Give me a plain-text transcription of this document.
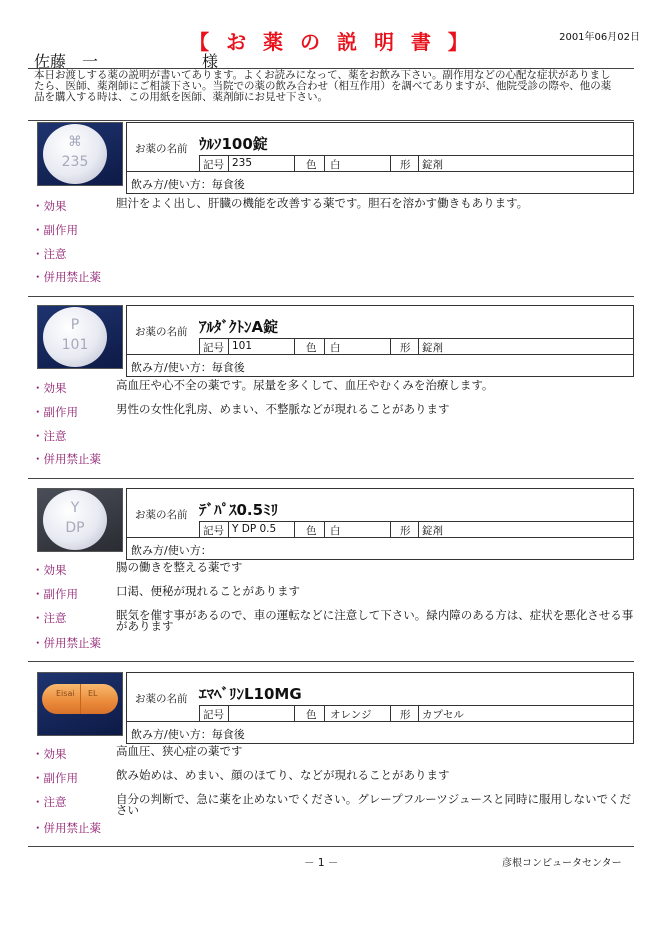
【 お 薬 の 説 明 書 】	2001年06月02日
佐藤　一	様
本日お渡しする薬の説明が書いてあります。よくお読みになって、薬をお飲み下さい。副作用などの心配な症状がありまし
たら、医師、薬剤師にご相談下さい。当院での薬の飲み合わせ（相互作用）を調べてありますが、他院受診の際や、他の薬
品を購入する時は、この用紙を医師、薬剤師にお見せ下さい。
⌘
235
お薬の名前 ｳﾙｿ100錠
記号 235	色 白	形 錠剤
飲み方/使い方：毎食後
・効果	胆汁をよく出し、肝臓の機能を改善する薬です。胆石を溶かす働きもあります。
・副作用
・注意
・併用禁止薬
P
101
お薬の名前 ｱﾙﾀﾞｸﾄﾝA錠
記号 101	色 白	形 錠剤
飲み方/使い方：毎食後
・効果	高血圧や心不全の薬です。尿量を多くして、血圧やむくみを治療します。
・副作用	男性の女性化乳房、めまい、不整脈などが現れることがあります
・注意
・併用禁止薬
Y
DP
お薬の名前 ﾃﾞﾊﾟｽ0.5ﾐﾘ
記号 Y DP 0.5	色 白	形 錠剤
飲み方/使い方：
・効果	腸の働きを整える薬です
・副作用	口渇、便秘が現れることがあります
・注意	眠気を催す事があるので、車の運転などに注意して下さい。緑内障のある方は、症状を悪化させる事があります
・併用禁止薬
Eisai EL	お薬の名前 ｴﾏﾍﾞﾘﾝL10MG
記号	色 オレンジ	形 カプセル
飲み方/使い方：毎食後
・効果	高血圧、狭心症の薬です
・副作用	飲み始めは、めまい、顔のほてり、などが現れることがあります
・注意	自分の判断で、急に薬を止めないでください。グレープフルーツジュースと同時に服用しないでください
・併用禁止薬
－ 1 －	彦根コンピュータセンター
